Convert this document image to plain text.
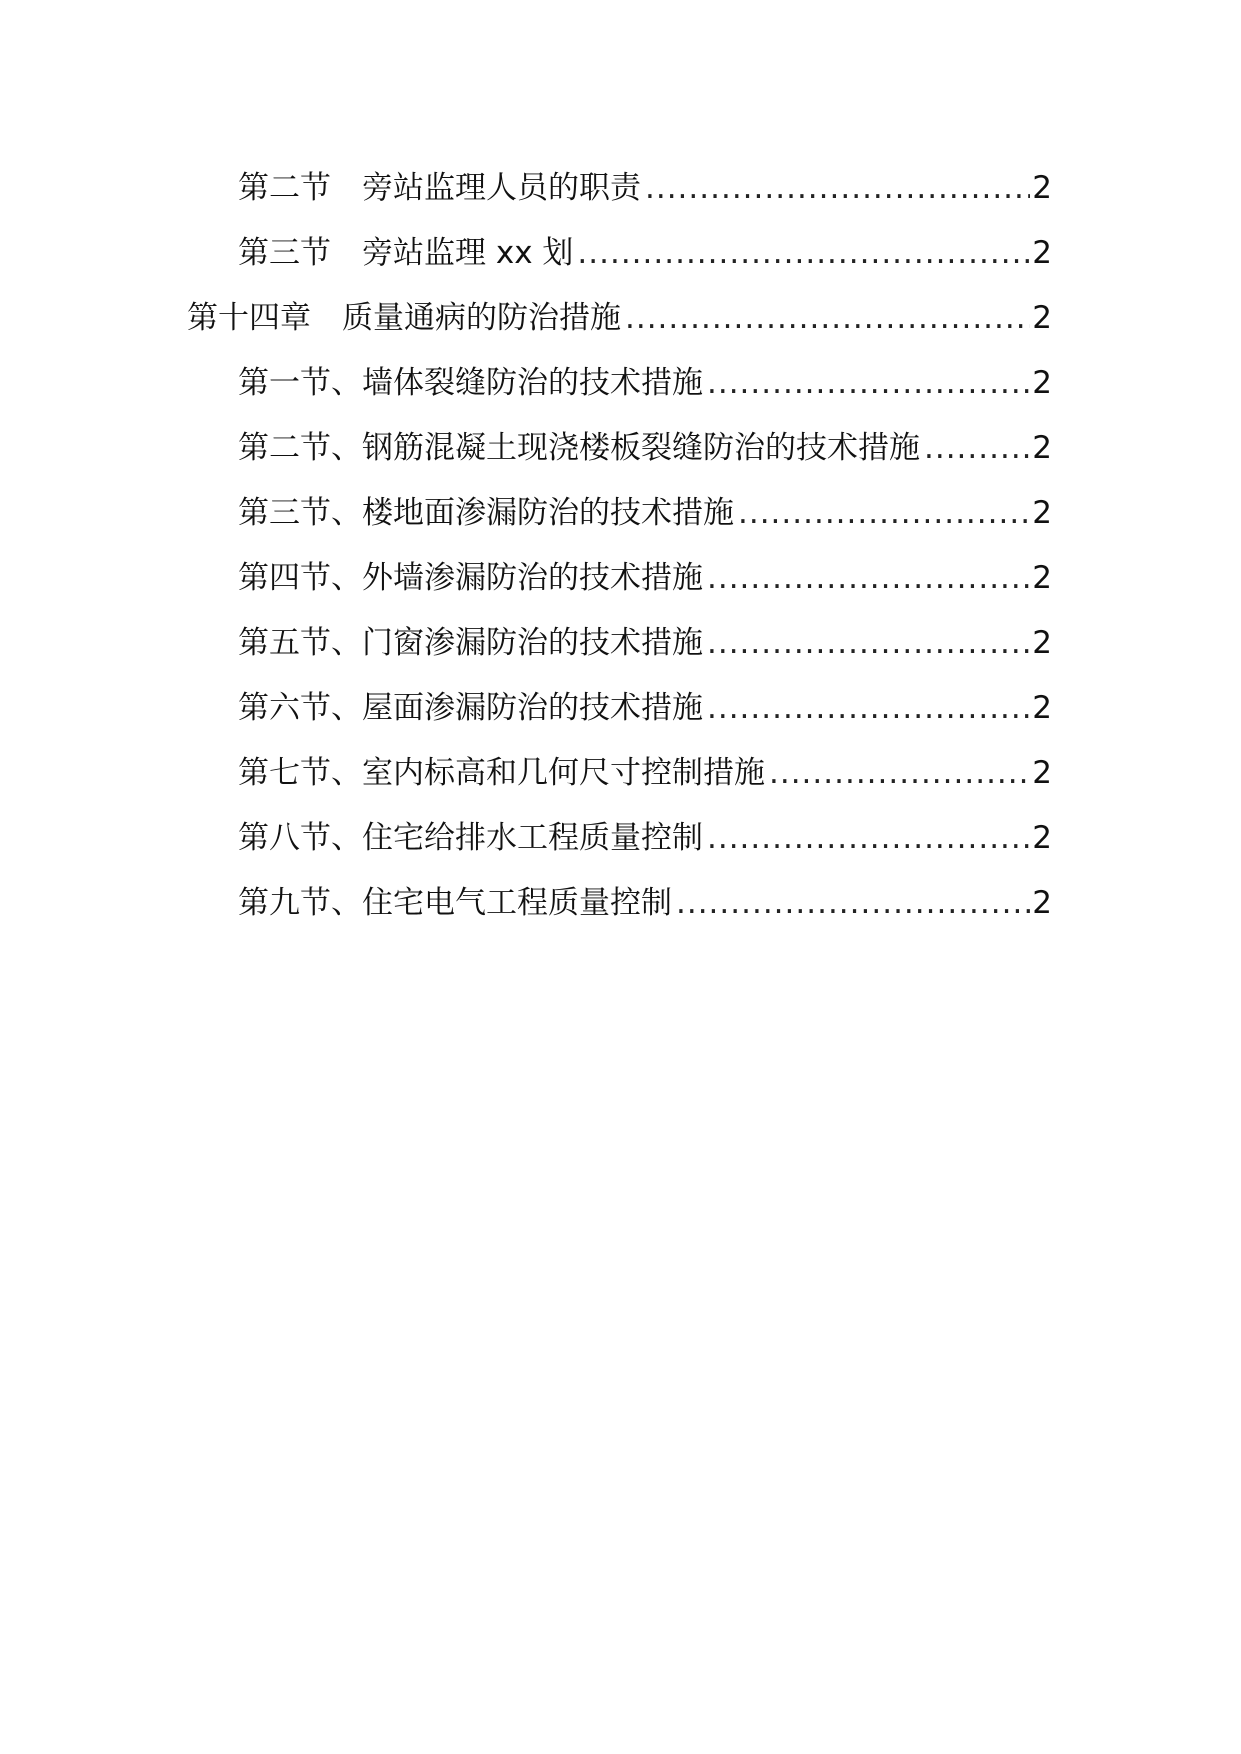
第二节　旁站监理人员的职责 .....	2
第三节　旁站监理 xx 划 .....	2
第十四章　质量通病的防治措施 .....	2
第一节、墙体裂缝防治的技术措施 .....	2
第二节、钢筋混凝土现浇楼板裂缝防治的技术措施 .....	2
第三节、楼地面渗漏防治的技术措施 .....	2
第四节、外墙渗漏防治的技术措施 .....	2
第五节、门窗渗漏防治的技术措施 .....	2
第六节、屋面渗漏防治的技术措施 .....	2
第七节、室内标高和几何尺寸控制措施 .....	2
第八节、住宅给排水工程质量控制 .....	2
第九节、住宅电气工程质量控制 .....	2
